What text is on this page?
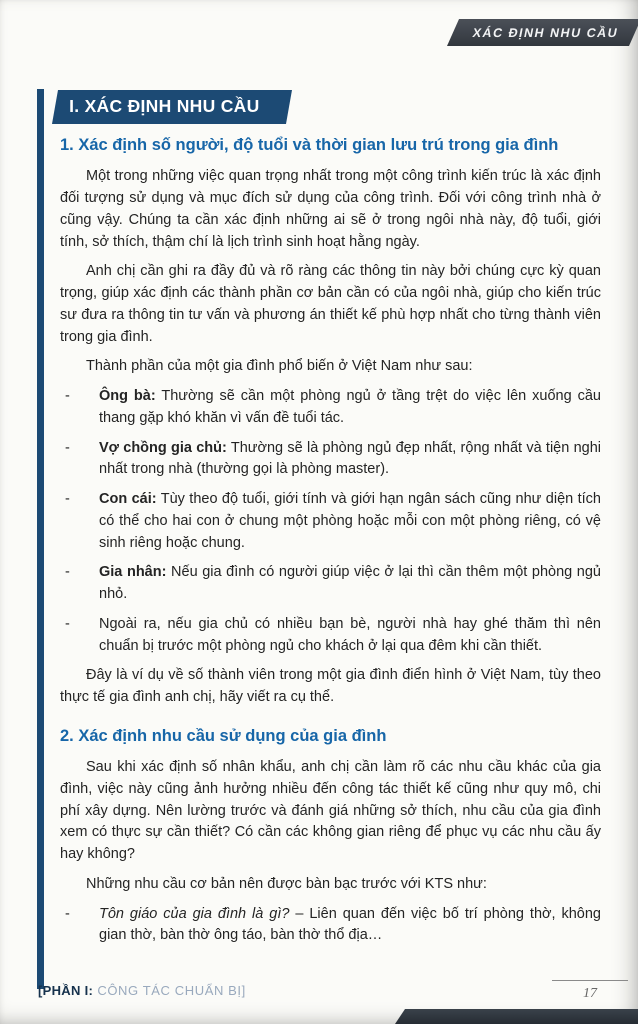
XÁC ĐỊNH NHU CẦU
I. XÁC ĐỊNH NHU CẦU
1. Xác định số người, độ tuổi và thời gian lưu trú trong gia đình

Một trong những việc quan trọng nhất trong một công trình kiến trúc là xác định đối tượng sử dụng và mục đích sử dụng của công trình. Đối với công trình nhà ở cũng vậy. Chúng ta cần xác định những ai sẽ ở trong ngôi nhà này, độ tuổi, giới tính, sở thích, thậm chí là lịch trình sinh hoạt hằng ngày.

Anh chị cần ghi ra đầy đủ và rõ ràng các thông tin này bởi chúng cực kỳ quan trọng, giúp xác định các thành phần cơ bản cần có của ngôi nhà, giúp cho kiến trúc sư đưa ra thông tin tư vấn và phương án thiết kế phù hợp nhất cho từng thành viên trong gia đình.

Thành phần của một gia đình phổ biến ở Việt Nam như sau:

-	Ông bà: Thường sẽ cần một phòng ngủ ở tầng trệt do việc lên xuống cầu thang gặp khó khăn vì vấn đề tuổi tác.

-	Vợ chồng gia chủ: Thường sẽ là phòng ngủ đẹp nhất, rộng nhất và tiện nghi nhất trong nhà (thường gọi là phòng master).

-	Con cái: Tùy theo độ tuổi, giới tính và giới hạn ngân sách cũng như diện tích có thể cho hai con ở chung một phòng hoặc mỗi con một phòng riêng, có vệ sinh riêng hoặc chung.

-	Gia nhân: Nếu gia đình có người giúp việc ở lại thì cần thêm một phòng ngủ nhỏ.

-	Ngoài ra, nếu gia chủ có nhiều bạn bè, người nhà hay ghé thăm thì nên chuẩn bị trước một phòng ngủ cho khách ở lại qua đêm khi cần thiết.

Đây là ví dụ về số thành viên trong một gia đình điển hình ở Việt Nam, tùy theo thực tế gia đình anh chị, hãy viết ra cụ thể.

2. Xác định nhu cầu sử dụng của gia đình

Sau khi xác định số nhân khẩu, anh chị cần làm rõ các nhu cầu khác của gia đình, việc này cũng ảnh hưởng nhiều đến công tác thiết kế cũng như quy mô, chi phí xây dựng. Nên lường trước và đánh giá những sở thích, nhu cầu của gia đình xem có thực sự cần thiết? Có cần các không gian riêng để phục vụ các nhu cầu ấy hay không?

Những nhu cầu cơ bản nên được bàn bạc trước với KTS như:

-	Tôn giáo của gia đình là gì? – Liên quan đến việc bố trí phòng thờ, không gian thờ, bàn thờ ông táo, bàn thờ thổ địa…

[PHẦN I: CÔNG TÁC CHUẨN BỊ]	17
